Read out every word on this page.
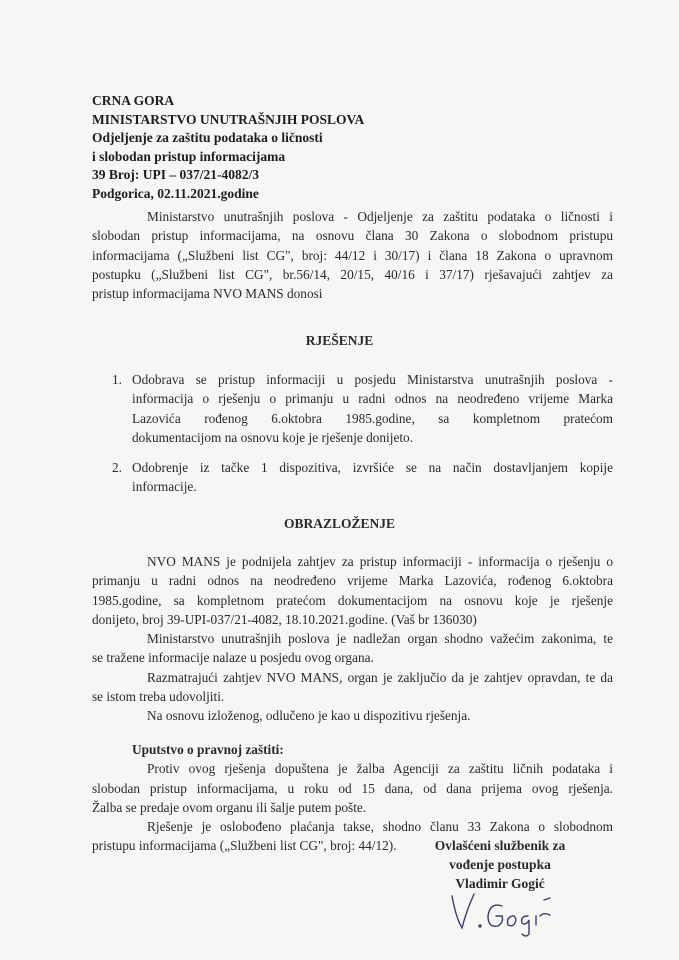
CRNA GORA
MINISTARSTVO UNUTRAŠNJIH POSLOVA
Odjeljenje za zaštitu podataka o ličnosti
i slobodan pristup informacijama
39 Broj: UPI – 037/21-4082/3
Podgorica, 02.11.2021.godine
Ministarstvo unutrašnjih poslova - Odjeljenje za zaštitu podataka o ličnosti i
slobodan pristup informacijama, na osnovu člana 30 Zakona o slobodnom pristupu
informacijama („Službeni list CG", broj: 44/12 i 30/17) i člana 18 Zakona o upravnom
postupku („Službeni list CG", br.56/14, 20/15, 40/16 i 37/17) rješavajući zahtjev za
pristup informacijama NVO MANS donosi
RJEŠENJE
1. Odobrava se pristup informaciji u posjedu Ministarstva unutrašnjih poslova -
informacija o rješenju o primanju u radni odnos na neodređeno vrijeme Marka
Lazovića rođenog 6.oktobra 1985.godine, sa kompletnom pratećom
dokumentacijom na osnovu koje je rješenje donijeto.
2. Odobrenje iz tačke 1 dispozitiva, izvršiće se na način dostavljanjem kopije
informacije.
OBRAZLOŽENJE
NVO MANS je podnijela zahtjev za pristup informaciji - informacija o rješenju o
primanju u radni odnos na neodređeno vrijeme Marka Lazovića, rođenog 6.oktobra
1985.godine, sa kompletnom pratećom dokumentacijom na osnovu koje je rješenje
donijeto, broj 39-UPI-037/21-4082, 18.10.2021.godine. (Vaš br 136030)
Ministarstvo unutrašnjih poslova je nadležan organ shodno važećim zakonima, te
se tražene informacije nalaze u posjedu ovog organa.
Razmatrajući zahtjev NVO MANS, organ je zaključio da je zahtjev opravdan, te da
se istom treba udovoljiti.
Na osnovu izloženog, odlučeno je kao u dispozitivu rješenja.
Uputstvo o pravnoj zaštiti:
Protiv ovog rješenja dopuštena je žalba Agenciji za zaštitu ličnih podataka i
slobodan pristup informacijama, u roku od 15 dana, od dana prijema ovog rješenja.
Žalba se predaje ovom organu ili šalje putem pošte.
Rješenje je oslobođeno plaćanja takse, shodno članu 33 Zakona o slobodnom
pristupu informacijama („Službeni list CG", broj: 44/12).	Ovlašćeni službenik za
vođenje postupka
Vladimir Gogić
